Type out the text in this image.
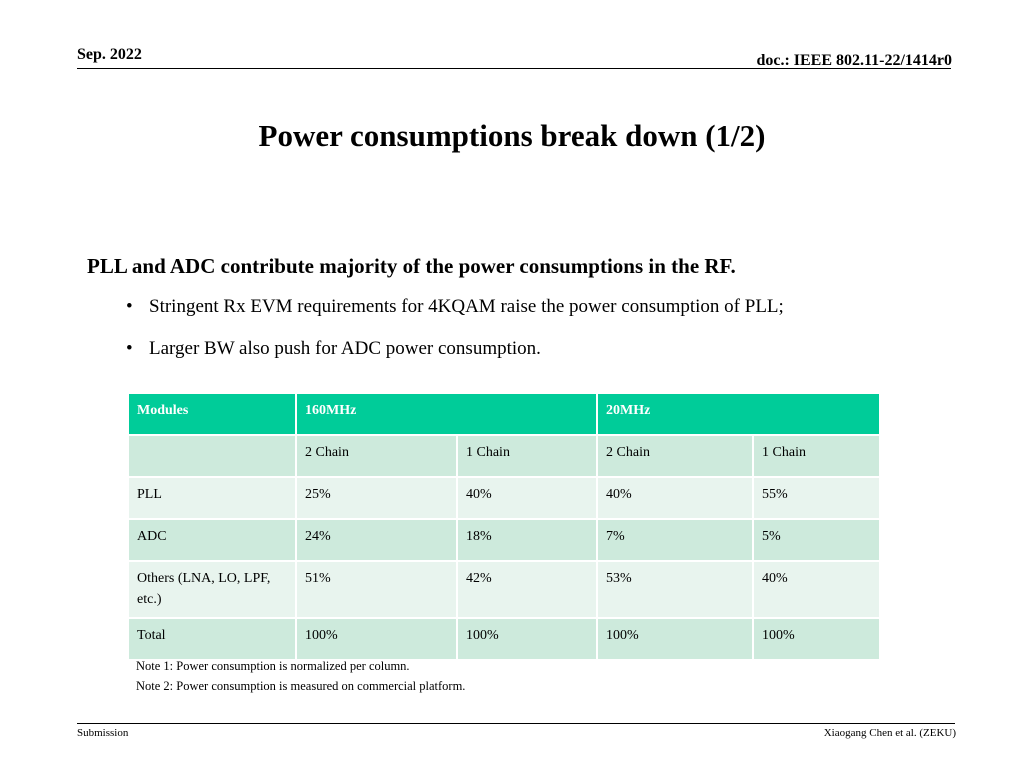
Sep. 2022	doc.: IEEE 802.11-22/1414r0
Power consumptions break down (1/2)
PLL and ADC contribute majority of the power consumptions in the RF.
• Stringent Rx EVM requirements for 4KQAM raise the power consumption of PLL;
• Larger BW also push for ADC power consumption.
Modules	160MHz		20MHz	
	2 Chain	1 Chain	2 Chain	1 Chain
PLL	25%	40%	40%	55%
ADC	24%	18%	7%	5%
Others (LNA, LO, LPF, etc.)	51%	42%	53%	40%
Total	100%	100%	100%	100%
Note 1: Power consumption is normalized per column.
Note 2: Power consumption is measured on commercial platform.
Submission	Xiaogang Chen et al. (ZEKU)
